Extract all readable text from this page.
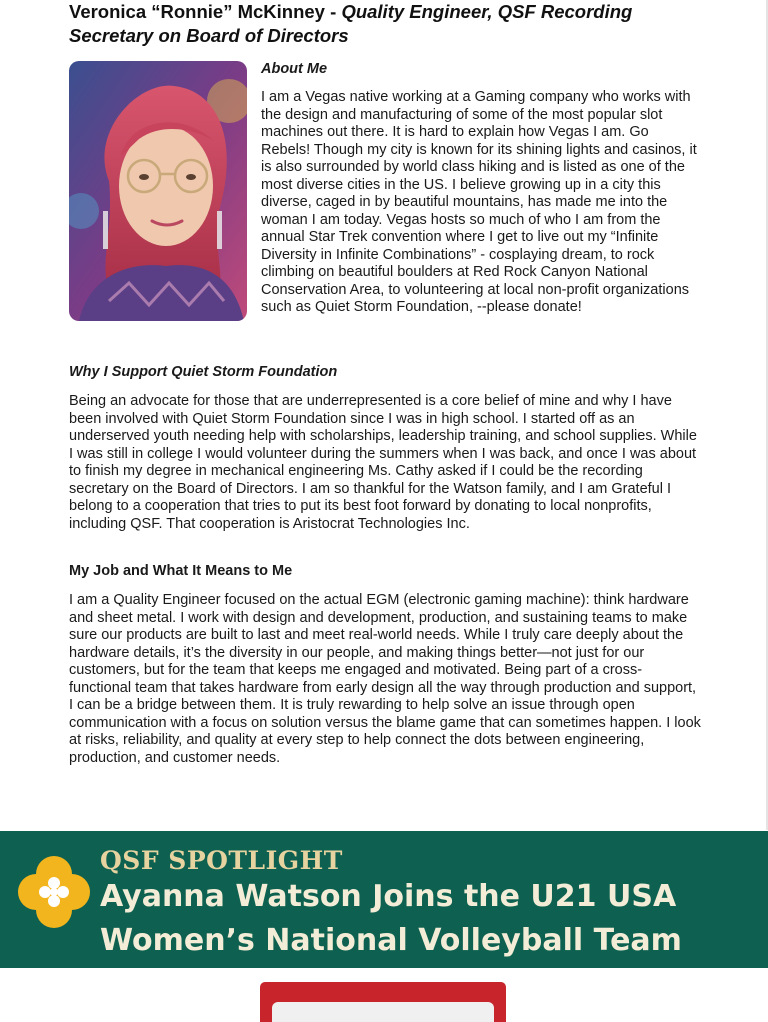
Veronica “Ronnie” McKinney - Quality Engineer, QSF Recording Secretary on Board of Directors
About Me

I am a Vegas native working at a Gaming company who works with the design and manufacturing of some of the most popular slot machines out there. It is hard to explain how Vegas I am. Go Rebels! Though my city is known for its shining lights and casinos, it is also surrounded by world class hiking and is listed as one of the most diverse cities in the US. I believe growing up in a city this diverse, caged in by beautiful mountains, has made me into the woman I am today. Vegas hosts so much of who I am from the annual Star Trek convention where I get to live out my “Infinite Diversity in Infinite Combinations” - cosplaying dream, to rock climbing on beautiful boulders at Red Rock Canyon National Conservation Area, to volunteering at local non-profit organizations such as Quiet Storm Foundation, --please donate!

Why I Support Quiet Storm Foundation

Being an advocate for those that are underrepresented is a core belief of mine and why I have been involved with Quiet Storm Foundation since I was in high school. I started off as an underserved youth needing help with scholarships, leadership training, and school supplies. While I was still in college I would volunteer during the summers when I was back, and once I was about to finish my degree in mechanical engineering Ms. Cathy asked if I could be the recording secretary on the Board of Directors. I am so thankful for the Watson family, and I am Grateful I belong to a cooperation that tries to put its best foot forward by donating to local nonprofits, including QSF. That cooperation is Aristocrat Technologies Inc.

My Job and What It Means to Me

I am a Quality Engineer focused on the actual EGM (electronic gaming machine): think hardware and sheet metal. I work with design and development, production, and sustaining teams to make sure our products are built to last and meet real-world needs. While I truly care deeply about the hardware details, it’s the diversity in our people, and making things better—not just for our customers, but for the team that keeps me engaged and motivated. Being part of a cross-functional team that takes hardware from early design all the way through production and support, I can be a bridge between them. It is truly rewarding to help solve an issue through open communication with a focus on solution versus the blame game that can sometimes happen. I look at risks, reliability, and quality at every step to help connect the dots between engineering, production, and customer needs.

QSF SPOTLIGHT
Ayanna Watson Joins the U21 USA Women’s National Volleyball Team
